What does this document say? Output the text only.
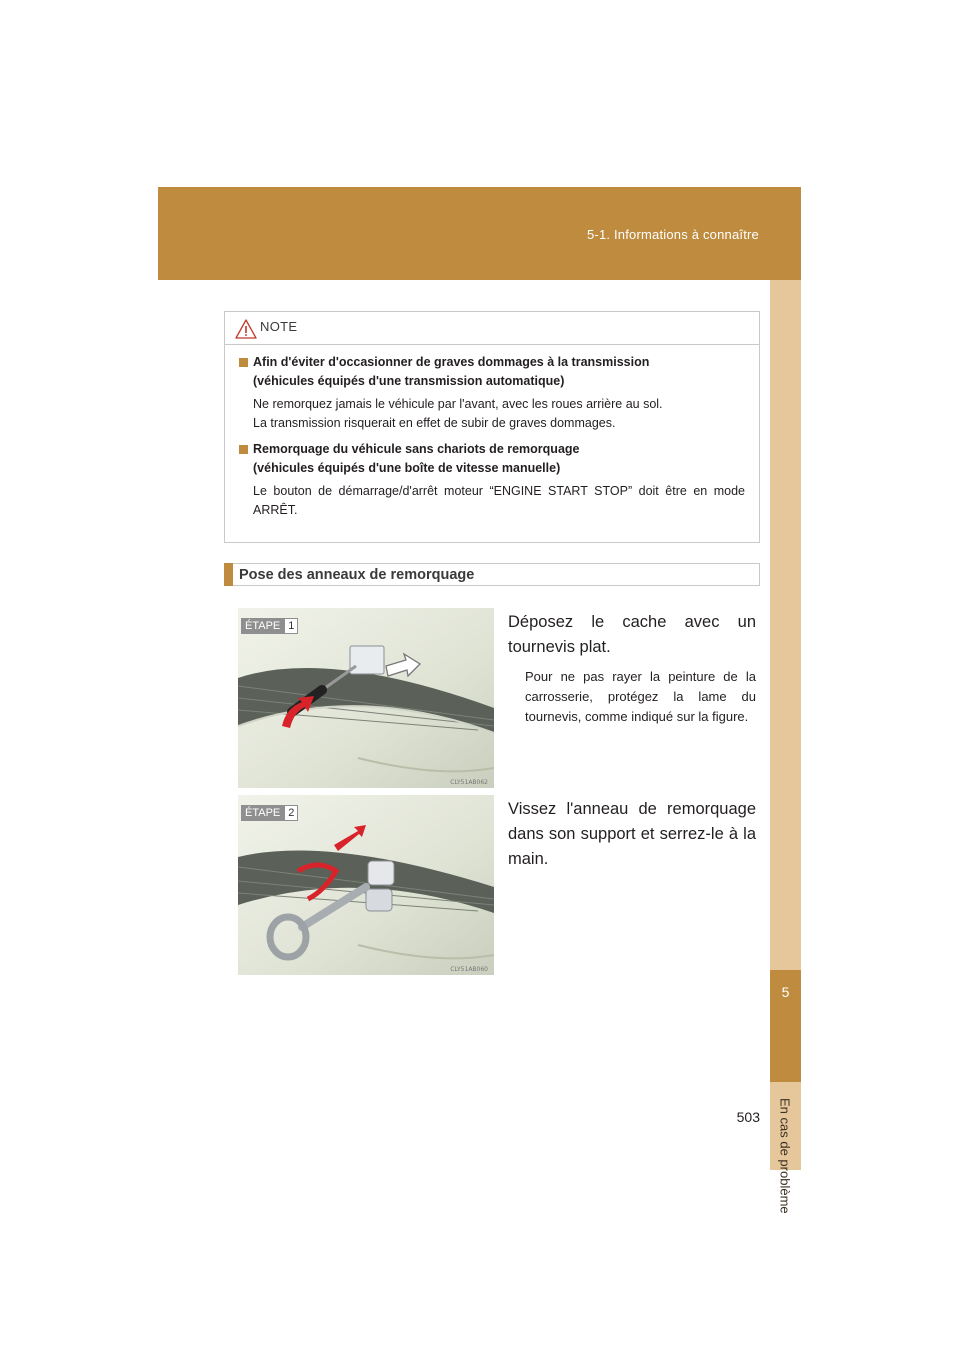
5-1. Informations à connaître
5
En cas de problème
NOTE
Afin d'éviter d'occasionner de graves dommages à la transmission
(véhicules équipés d'une transmission automatique)
Ne remorquez jamais le véhicule par l'avant, avec les roues arrière au sol.
La transmission risquerait en effet de subir de graves dommages.
Remorquage du véhicule sans chariots de remorquage
(véhicules équipés d'une boîte de vitesse manuelle)
Le bouton de démarrage/d'arrêt moteur “ENGINE START STOP” doit être en mode ARRÊT.
Pose des anneaux de remorquage
ÉTAPE 1
CLY51AB062
Déposez le cache avec un tournevis plat.
Pour ne pas rayer la peinture de la carrosserie, protégez la lame du tournevis, comme indiqué sur la figure.
ÉTAPE 2
CLY51AB060
Vissez l'anneau de remorquage dans son support et serrez-le à la main.
503
